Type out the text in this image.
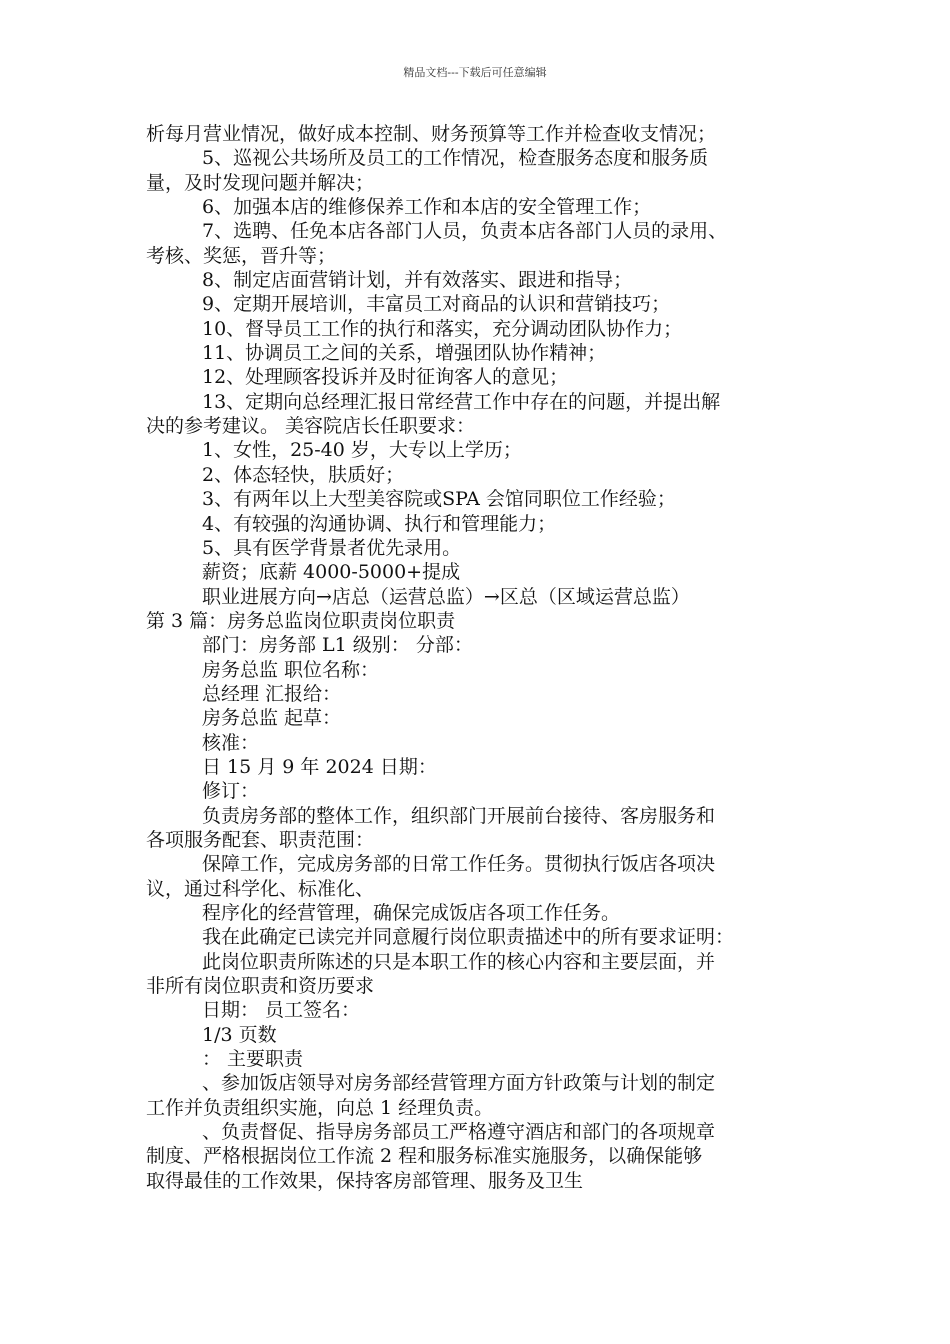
精品文档---下载后可任意编辑
析每月营业情况，做好成本控制、财务预算等工作并检查收支情况；
5、巡视公共场所及员工的工作情况，检查服务态度和服务质
量，及时发现问题并解决；
6、加强本店的维修保养工作和本店的安全管理工作；
7、选聘、任免本店各部门人员，负责本店各部门人员的录用、
考核、奖惩，晋升等；
8、制定店面营销计划，并有效落实、跟进和指导；
9、定期开展培训，丰富员工对商品的认识和营销技巧；
10、督导员工工作的执行和落实，充分调动团队协作力；
11、协调员工之间的关系，增强团队协作精神；
12、处理顾客投诉并及时征询客人的意见；
13、定期向总经理汇报日常经营工作中存在的问题，并提出解
决的参考建议。 美容院店长任职要求：
1、女性，25-40 岁，大专以上学历；
2、体态轻快，肤质好；
3、有两年以上大型美容院或SPA 会馆同职位工作经验；
4、有较强的沟通协调、执行和管理能力；
5、具有医学背景者优先录用。
薪资；底薪 4000-5000+提成
职业进展方向→店总（运营总监）→区总（区域运营总监）
第 3 篇：房务总监岗位职责岗位职责
部门：房务部 L1 级别： 分部：
房务总监 职位名称：
总经理 汇报给：
房务总监 起草：
核准：
日 15 月 9 年 2024 日期：
修订：
负责房务部的整体工作，组织部门开展前台接待、客房服务和
各项服务配套、职责范围：
保障工作，完成房务部的日常工作任务。贯彻执行饭店各项决
议，通过科学化、标准化、
程序化的经营管理，确保完成饭店各项工作任务。
我在此确定已读完并同意履行岗位职责描述中的所有要求证明：
此岗位职责所陈述的只是本职工作的核心内容和主要层面，并
非所有岗位职责和资历要求
日期： 员工签名：
1/3 页数
： 主要职责
、参加饭店领导对房务部经营管理方面方针政策与计划的制定
工作并负责组织实施，向总 1 经理负责。
、负责督促、指导房务部员工严格遵守酒店和部门的各项规章
制度、严格根据岗位工作流 2 程和服务标准实施服务，以确保能够
取得最佳的工作效果，保持客房部管理、服务及卫生
